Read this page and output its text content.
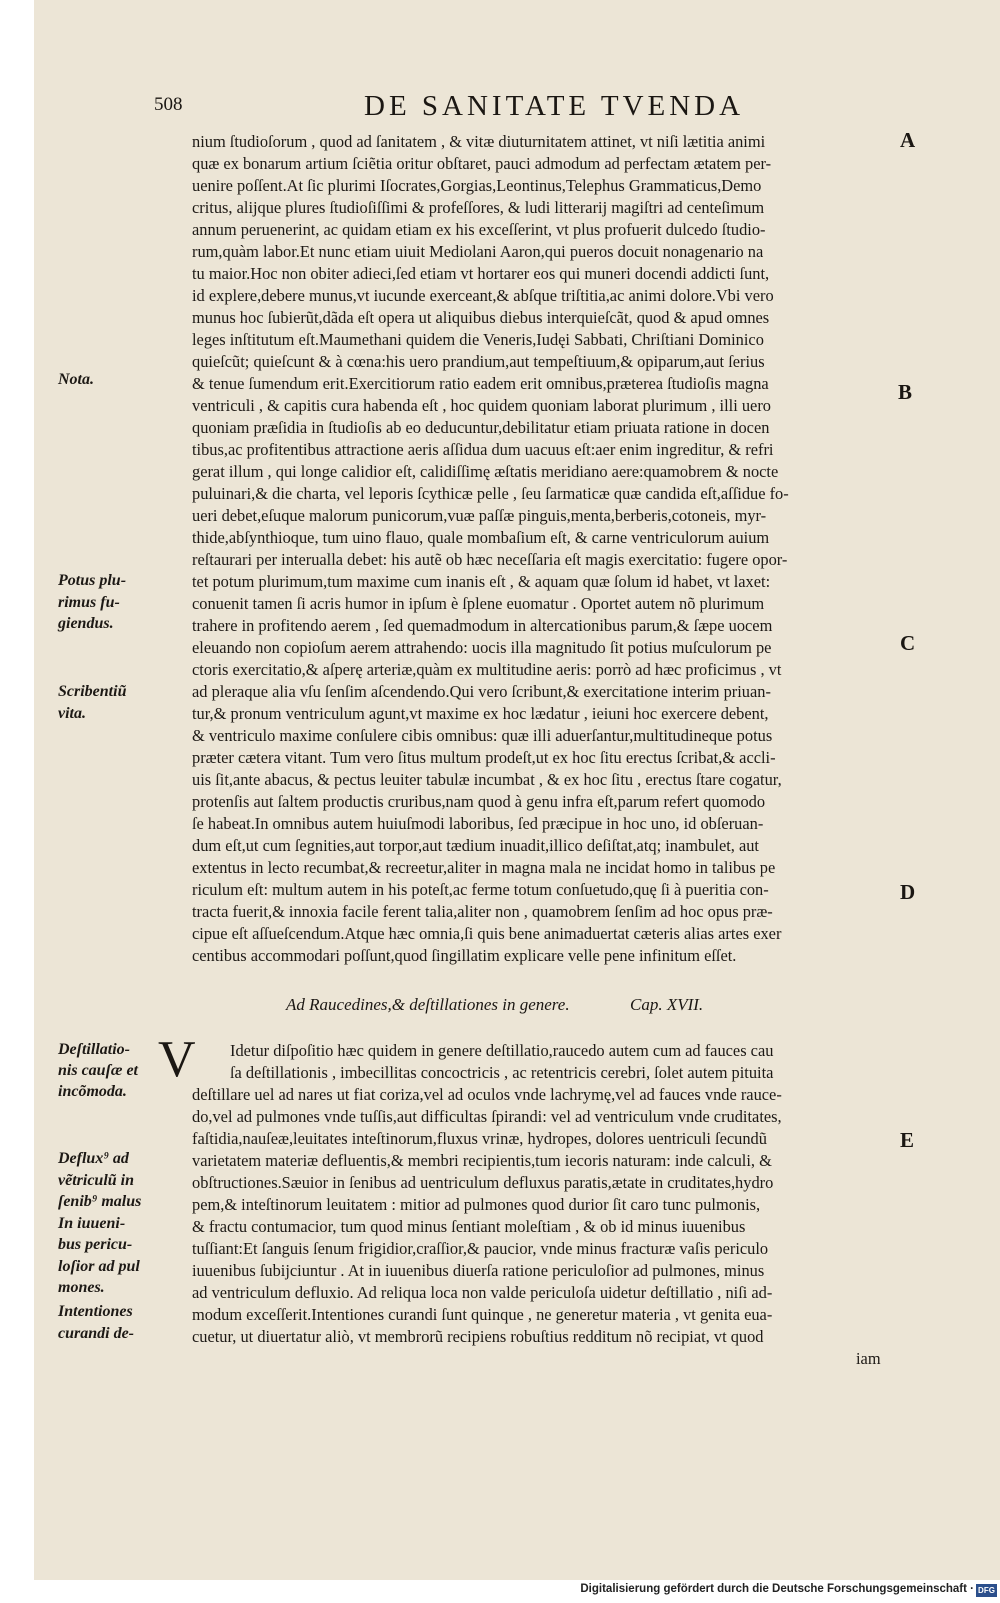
508	DE SANITATE TVENDA
nium ſtudioſorum , quod ad ſanitatem , & vitæ diuturnitatem attinet, vt niſi lætitia animi
quæ ex bonarum artium ſciẽtia oritur obſtaret, pauci admodum ad perfectam ætatem per-
uenire poſſent.At ſic plurimi Iſocrates,Gorgias,Leontinus,Telephus Grammaticus,Demo
critus, alijque plures ſtudioſiſſimi & profeſſores, & ludi litterarij magiſtri ad centeſimum
annum peruenerint, ac quidam etiam ex his exceſſerint, vt plus profuerit dulcedo ſtudio-
rum,quàm labor.Et nunc etiam uiuit Mediolani Aaron,qui pueros docuit nonagenario na
tu maior.Hoc non obiter adieci,ſed etiam vt hortarer eos qui muneri docendi addicti ſunt,
id explere,debere munus,vt iucunde exerceant,& abſque triſtitia,ac animi dolore.Vbi vero
munus hoc ſubierũt,dãda eſt opera ut aliquibus diebus interquieſcãt, quod & apud omnes
leges inſtitutum eſt.Maumethani quidem die Veneris,Iudęi Sabbati, Chriſtiani Dominico
quieſcũt; quieſcunt & à cœna:his uero prandium,aut tempeſtiuum,& opiparum,aut ſerius
& tenue ſumendum erit.Exercitiorum ratio eadem erit omnibus,præterea ſtudioſis magna
ventriculi , & capitis cura habenda eſt , hoc quidem quoniam laborat plurimum , illi uero
quoniam præſidia in ſtudioſis ab eo deducuntur,debilitatur etiam priuata ratione in docen
tibus,ac profitentibus attractione aeris aſſidua dum uacuus eſt:aer enim ingreditur, & refri
gerat illum , qui longe calidior eſt, calidiſſimę æſtatis meridiano aere:quamobrem & nocte
puluinari,& die charta, vel leporis ſcythicæ pelle , ſeu ſarmaticæ quæ candida eſt,aſſidue fo-
ueri debet,eſuque malorum punicorum,vuæ paſſæ pinguis,menta,berberis,cotoneis, myr-
thide,abſynthioque, tum uino flauo, quale mombaſium eſt, & carne ventriculorum auium
reſtaurari per interualla debet: his autẽ ob hæc neceſſaria eſt magis exercitatio: fugere opor-
tet potum plurimum,tum maxime cum inanis eſt , & aquam quæ ſolum id habet, vt laxet:
conuenit tamen ſi acris humor in ipſum è ſplene euomatur . Oportet autem nõ plurimum
trahere in profitendo aerem , ſed quemadmodum in altercationibus parum,& ſæpe uocem
eleuando non copioſum aerem attrahendo: uocis illa magnitudo ſit potius muſculorum pe
ctoris exercitatio,& aſperę arteriæ,quàm ex multitudine aeris: porrò ad hæc proficimus , vt
ad pleraque alia vſu ſenſim aſcendendo.Qui vero ſcribunt,& exercitatione interim priuan-
tur,& pronum ventriculum agunt,vt maxime ex hoc lædatur , ieiuni hoc exercere debent,
& ventriculo maxime conſulere cibis omnibus: quæ illi aduerſantur,multitudineque potus
præter cætera vitant. Tum vero ſitus multum prodeſt,ut ex hoc ſitu erectus ſcribat,& accli-
uis ſit,ante abacus, & pectus leuiter tabulæ incumbat , & ex hoc ſitu , erectus ſtare cogatur,
protenſis aut ſaltem productis cruribus,nam quod à genu infra eſt,parum refert quomodo
ſe habeat.In omnibus autem huiuſmodi laboribus, ſed præcipue in hoc uno, id obſeruan-
dum eſt,ut cum ſegnities,aut torpor,aut tædium inuadit,illico deſiſtat,atq; inambulet, aut
extentus in lecto recumbat,& recreetur,aliter in magna mala ne incidat homo in talibus pe
riculum eſt: multum autem in his poteſt,ac ferme totum conſuetudo,quę ſi à pueritia con-
tracta fuerit,& innoxia facile ferent talia,aliter non , quamobrem ſenſim ad hoc opus præ-
cipue eſt aſſueſcendum.Atque hæc omnia,ſi quis bene animaduertat cæteris alias artes exer
centibus accommodari poſſunt,quod ſingillatim explicare velle pene infinitum eſſet.
Ad Raucedines,& deſtillationes in genere.	Cap. XVII.
V Idetur diſpoſitio hæc quidem in genere deſtillatio,raucedo autem cum ad fauces cau
ſa deſtillationis , imbecillitas concoctricis , ac retentricis cerebri, ſolet autem pituita
deſtillare uel ad nares ut fiat coriza,vel ad oculos vnde lachrymę,vel ad fauces vnde rauce-
do,vel ad pulmones vnde tuſſis,aut difficultas ſpirandi: vel ad ventriculum vnde cruditates,
faſtidia,nauſeæ,leuitates inteſtinorum,fluxus vrinæ, hydropes, dolores uentriculi ſecundũ
varietatem materiæ defluentis,& membri recipientis,tum iecoris naturam: inde calculi, &
obſtructiones.Sæuior in ſenibus ad uentriculum defluxus paratis,ætate in cruditates,hydro
pem,& inteſtinorum leuitatem : mitior ad pulmones quod durior ſit caro tunc pulmonis,
& fractu contumacior, tum quod minus ſentiant moleſtiam , & ob id minus iuuenibus
tuſſiant:Et ſanguis ſenum frigidior,craſſior,& paucior, vnde minus fracturæ vaſis periculo
iuuenibus ſubijciuntur . At in iuuenibus diuerſa ratione periculoſior ad pulmones, minus
ad ventriculum defluxio. Ad reliqua loca non valde periculoſa uidetur deſtillatio , niſi ad-
modum exceſſerit.Intentiones curandi ſunt quinque , ne generetur materia , vt genita eua-
cuetur, ut diuertatur aliò, vt membrorũ recipiens robuſtius redditum nõ recipiat, vt quod
iam
Nota.
Potus plu-
rimus fu-
giendus.
Scribentiũ
vita.
Deſtillatio-
nis cauſæ et
incõmoda.
Deflux⁹ ad
vẽtriculũ in
ſenib⁹ malus
In iuueni-
bus pericu-
loſior ad pul
mones.
Intentiones
curandi de-
A
B
C
D
E
Digitalisierung gefördert durch die Deutsche Forschungsgemeinschaft · DFG
